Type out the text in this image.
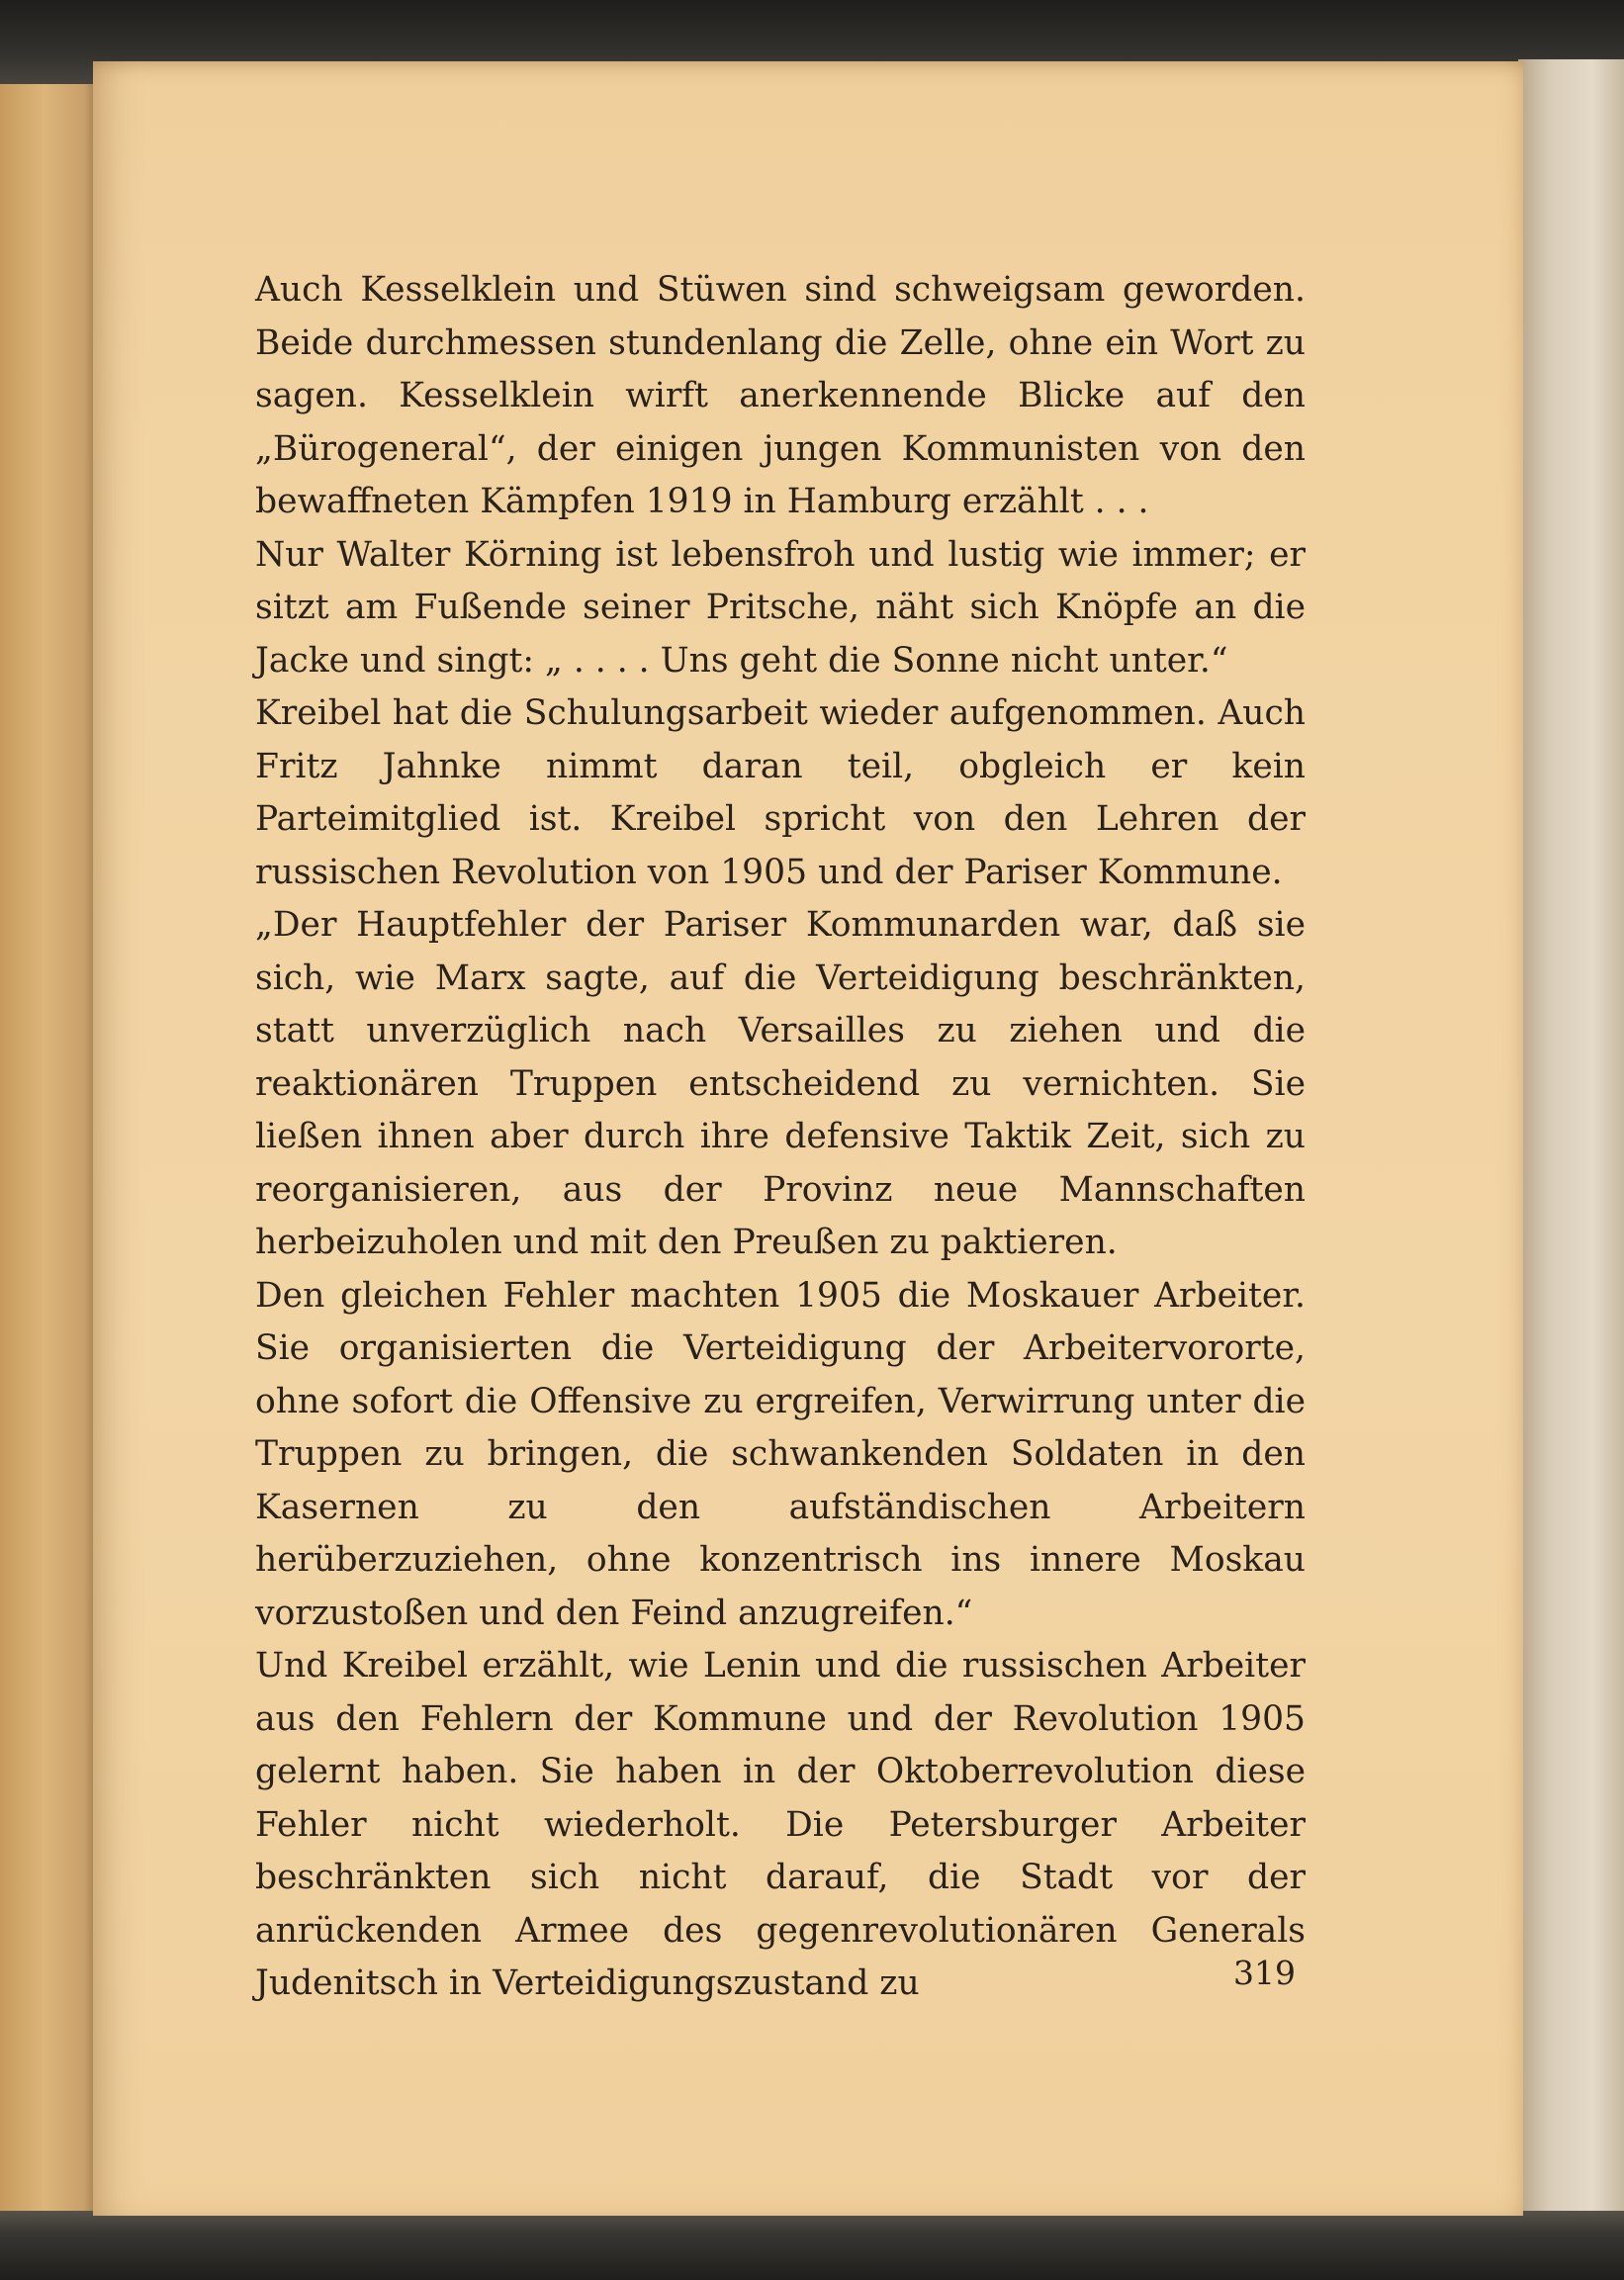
Auch Kesselklein und Stüwen sind schweigsam geworden. Beide durchmessen stundenlang die Zelle, ohne ein Wort zu sagen. Kesselklein wirft anerkennende Blicke auf den „Bürogeneral“, der einigen jungen Kommunisten von den bewaffneten Kämpfen 1919 in Hamburg erzählt . . .

Nur Walter Körning ist lebensfroh und lustig wie immer; er sitzt am Fußende seiner Pritsche, näht sich Knöpfe an die Jacke und singt: „ . . . . Uns geht die Sonne nicht unter.“

Kreibel hat die Schulungsarbeit wieder aufgenommen. Auch Fritz Jahnke nimmt daran teil, obgleich er kein Parteimitglied ist. Kreibel spricht von den Lehren der russischen Revolution von 1905 und der Pariser Kommune.

„Der Hauptfehler der Pariser Kommunarden war, daß sie sich, wie Marx sagte, auf die Verteidigung beschränkten, statt unverzüglich nach Versailles zu ziehen und die reaktionären Truppen entscheidend zu vernichten. Sie ließen ihnen aber durch ihre defensive Taktik Zeit, sich zu reorganisieren, aus der Provinz neue Mannschaften herbeizuholen und mit den Preußen zu paktieren.

Den gleichen Fehler machten 1905 die Moskauer Arbeiter. Sie organisierten die Verteidigung der Arbeitervororte, ohne sofort die Offensive zu ergreifen, Verwirrung unter die Truppen zu bringen, die schwankenden Soldaten in den Kasernen zu den aufständischen Arbeitern herüberzuziehen, ohne konzentrisch ins innere Moskau vorzustoßen und den Feind anzugreifen.“

Und Kreibel erzählt, wie Lenin und die russischen Arbeiter aus den Fehlern der Kommune und der Revolution 1905 gelernt haben. Sie haben in der Oktoberrevolution diese Fehler nicht wiederholt. Die Petersburger Arbeiter beschränkten sich nicht darauf, die Stadt vor der anrückenden Armee des gegenrevolutionären Generals Judenitsch in Verteidigungszustand zu	319
